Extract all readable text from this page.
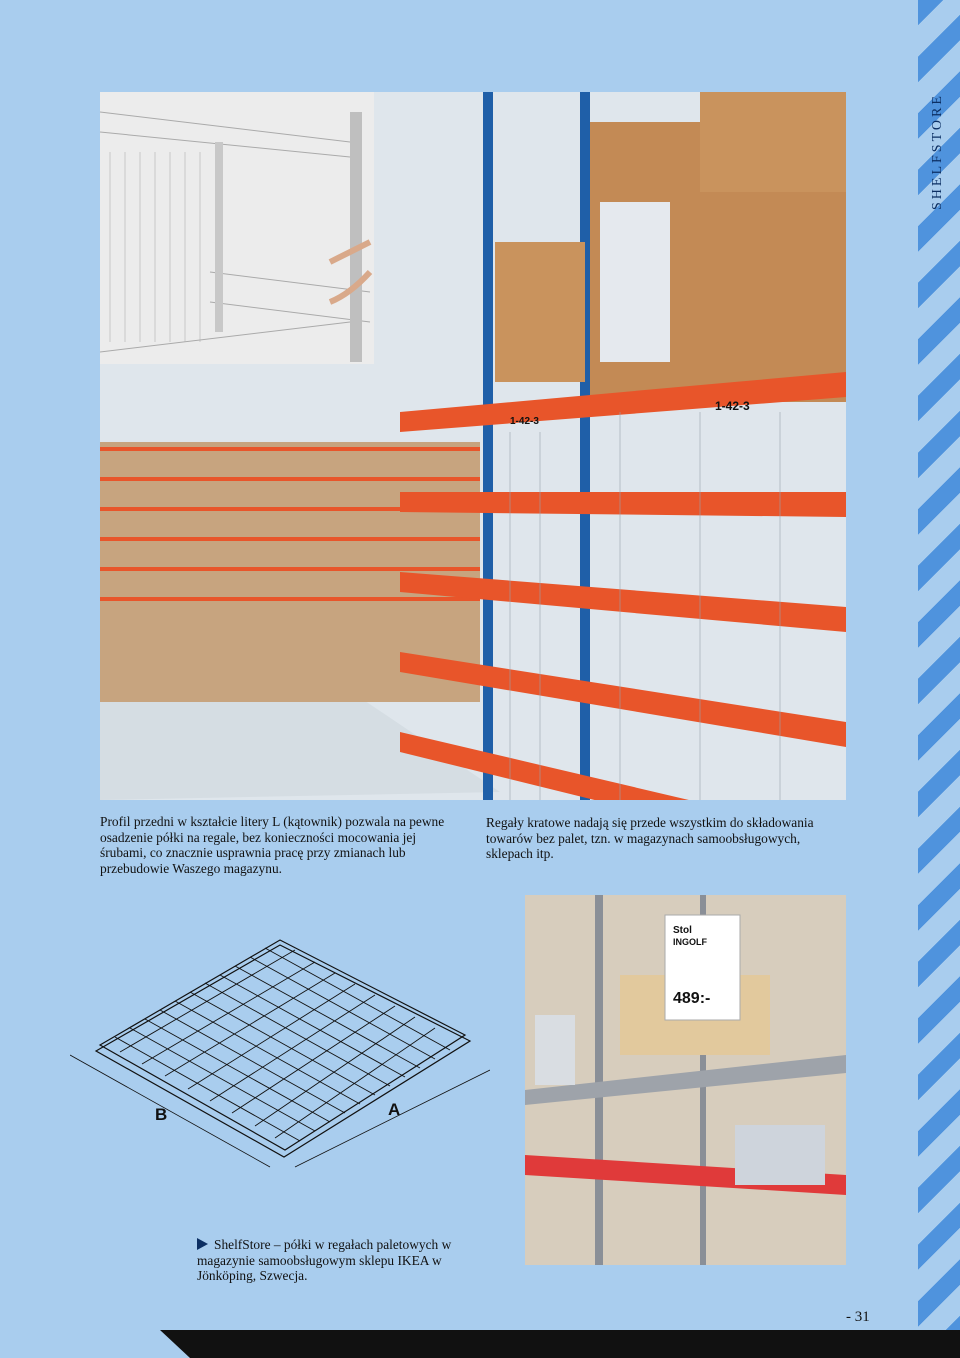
SHELFSTORE
1-42-3
1-42-3
Profil przedni w kształcie litery L (kątownik) pozwala na pewne osadzenie półki na regale, bez konieczności mocowania jej śrubami, co znacznie usprawnia pracę przy zmianach lub przebudowie Waszego magazynu.
Regały kratowe nadają się przede wszystkim do składowania towarów bez palet, tzn. w magazynach samoobsługowych, sklepach itp.
B	A
Stol
INGOLF
489:-
ShelfStore – półki w regałach paletowych w magazynie samoobsługowym sklepu IKEA w Jönköping, Szwecja.
- 31
